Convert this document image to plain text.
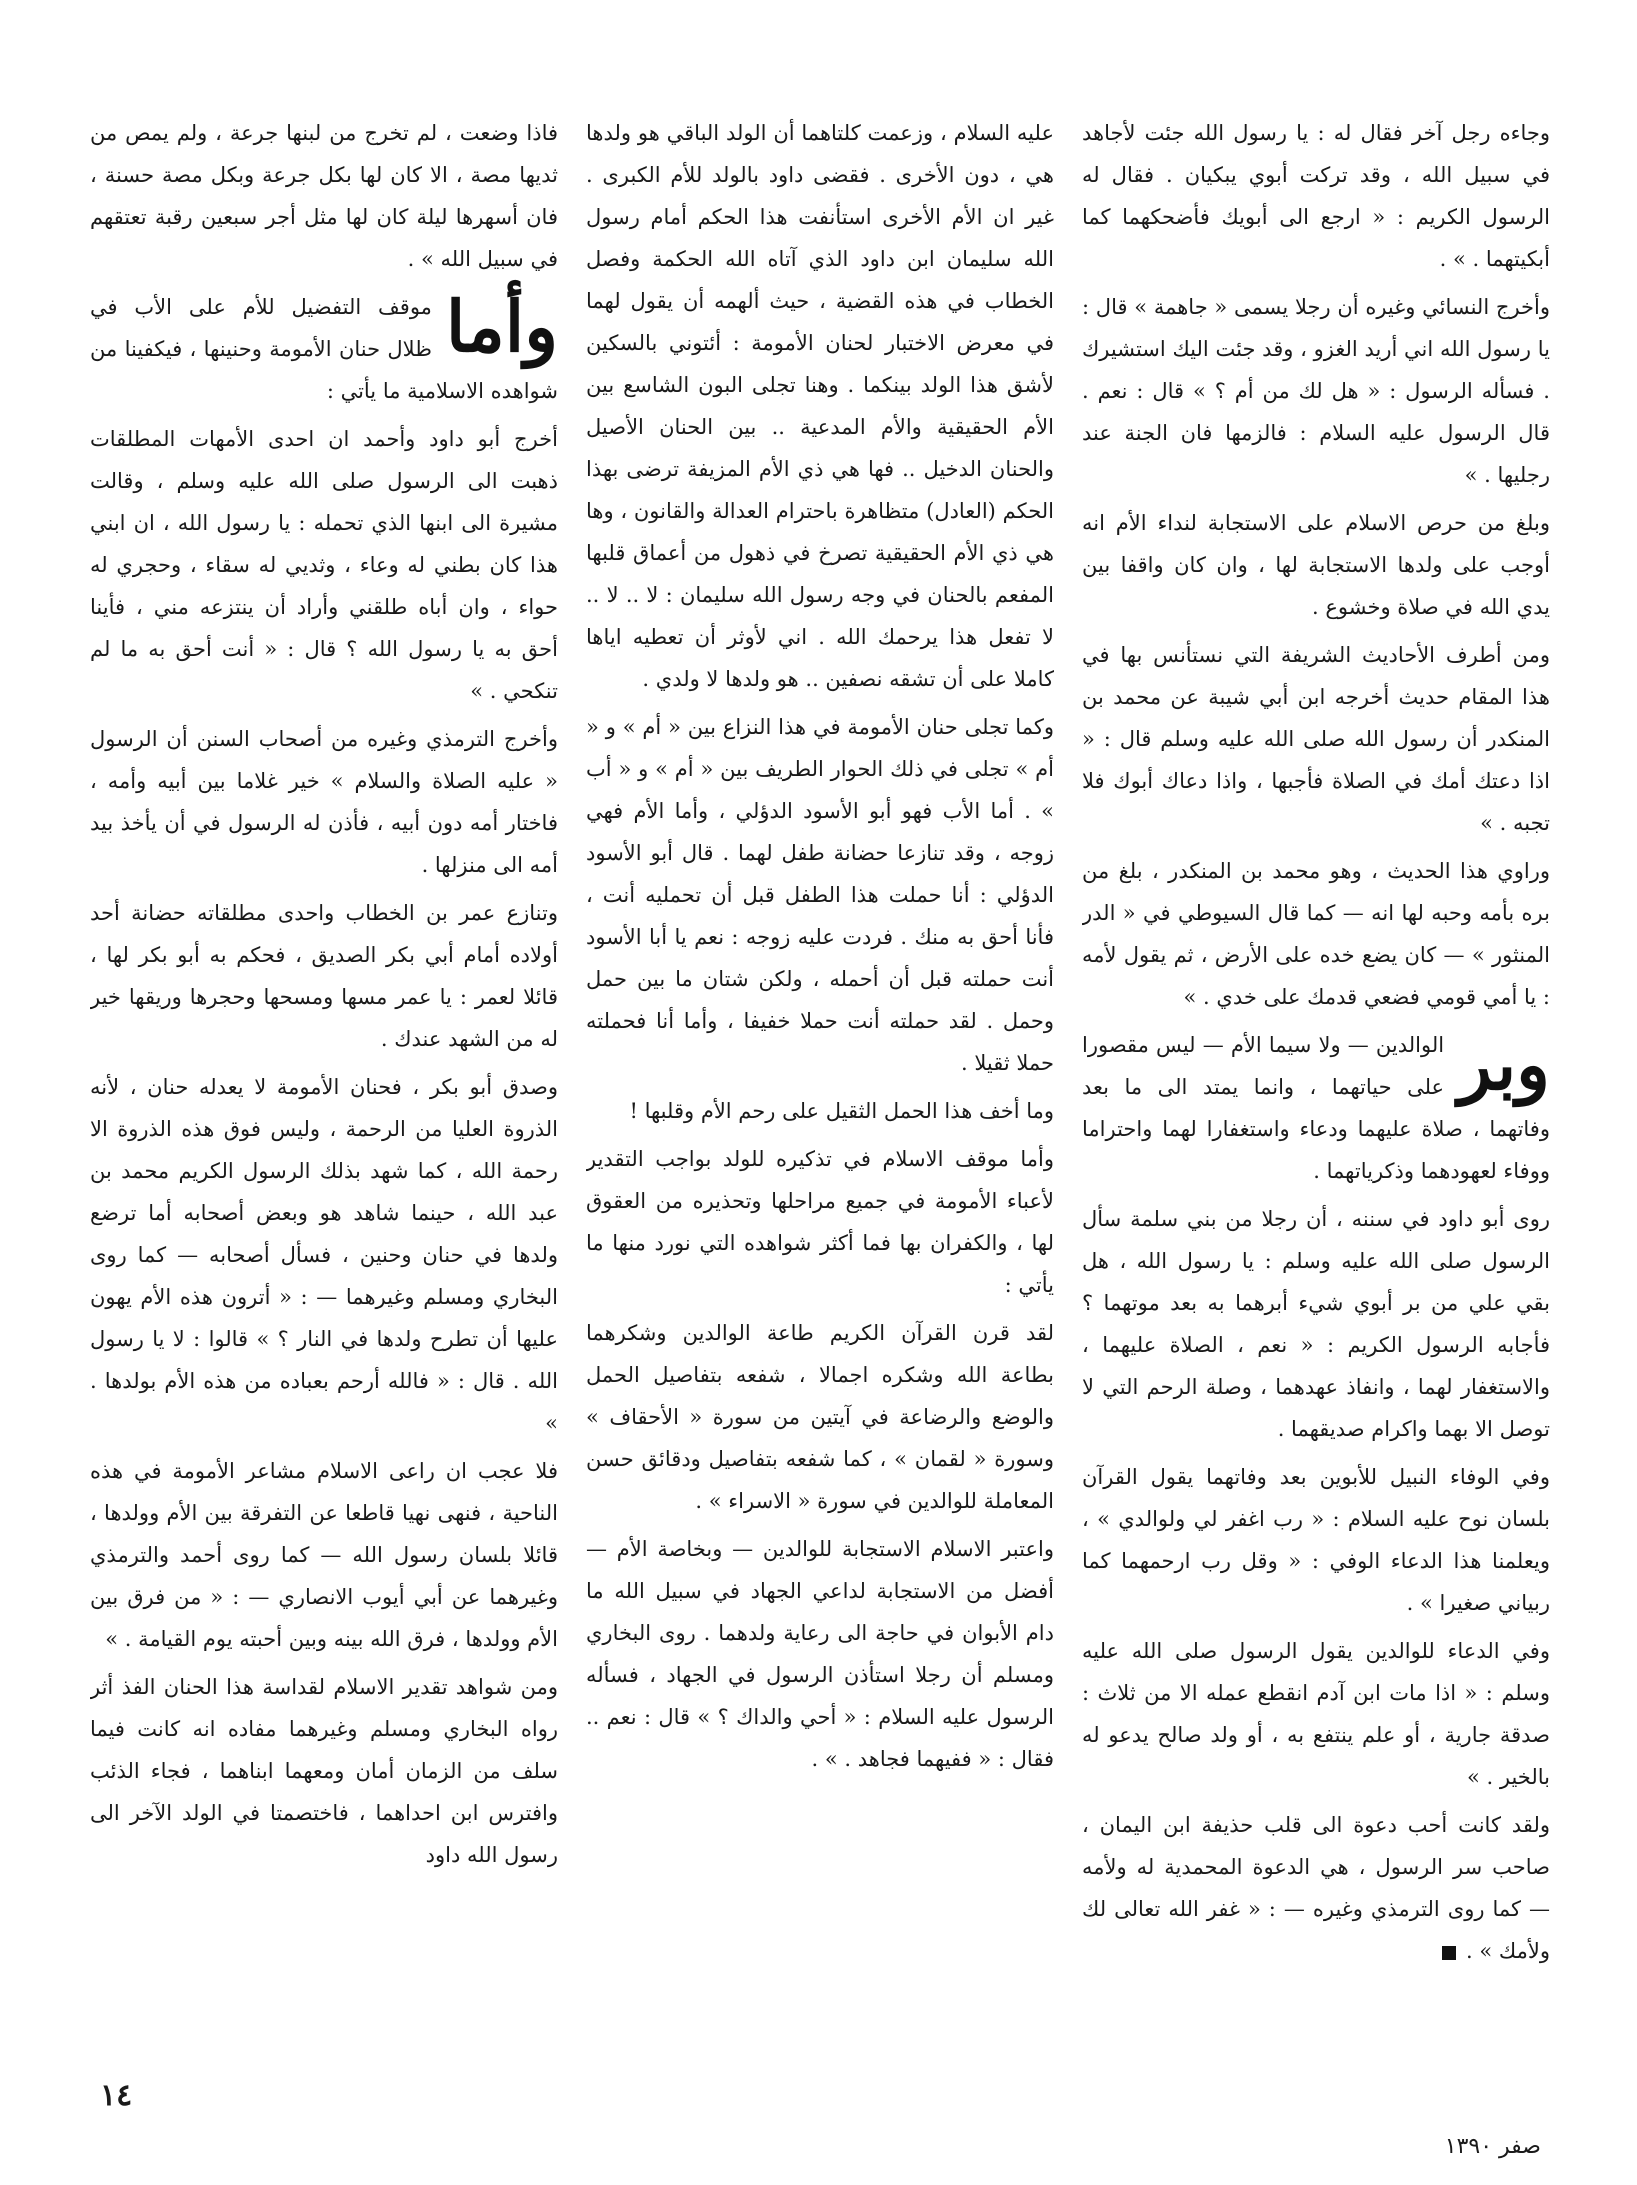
فاذا وضعت ، لم تخرج من لبنها جرعة ، ولم يمص من ثديها مصة ، الا كان لها بكل جرعة وبكل مصة حسنة ، فان أسهرها ليلة كان لها مثل أجر سبعين رقبة تعتقهم في سبيل الله » .

وأما
موقف التفضيل للأم على الأب في ظلال حنان الأمومة وحنينها ، فيكفينا من شواهده الاسلامية ما يأتي :

أخرج أبو داود وأحمد ان احدى الأمهات المطلقات ذهبت الى الرسول صلى الله عليه وسلم ، وقالت مشيرة الى ابنها الذي تحمله : يا رسول الله ، ان ابني هذا كان بطني له وعاء ، وثديي له سقاء ، وحجري له حواء ، وان أباه طلقني وأراد أن ينتزعه مني ، فأينا أحق به يا رسول الله ؟ قال : « أنت أحق به ما لم تنكحي . »

وأخرج الترمذي وغيره من أصحاب السنن أن الرسول « عليه الصلاة والسلام » خير غلاما بين أبيه وأمه ، فاختار أمه دون أبيه ، فأذن له الرسول في أن يأخذ بيد أمه الى منزلها .

وتنازع عمر بن الخطاب واحدى مطلقاته حضانة أحد أولاده أمام أبي بكر الصديق ، فحكم به أبو بكر لها ، قائلا لعمر : يا عمر مسها ومسحها وحجرها وريقها خير له من الشهد عندك .

وصدق أبو بكر ، فحنان الأمومة لا يعدله حنان ، لأنه الذروة العليا من الرحمة ، وليس فوق هذه الذروة الا رحمة الله ، كما شهد بذلك الرسول الكريم محمد بن عبد الله ، حينما شاهد هو وبعض أصحابه أما ترضع ولدها في حنان وحنين ، فسأل أصحابه — كما روى البخاري ومسلم وغيرهما — : « أترون هذه الأم يهون عليها أن تطرح ولدها في النار ؟ » قالوا : لا يا رسول الله . قال : « فالله أرحم بعباده من هذه الأم بولدها . »

فلا عجب ان راعى الاسلام مشاعر الأمومة في هذه الناحية ، فنهى نهيا قاطعا عن التفرقة بين الأم وولدها ، قائلا بلسان رسول الله — كما روى أحمد والترمذي وغيرهما عن أبي أيوب الانصاري — : « من فرق بين الأم وولدها ، فرق الله بينه وبين أحبته يوم القيامة . »

ومن شواهد تقدير الاسلام لقداسة هذا الحنان الفذ أثر رواه البخاري ومسلم وغيرهما مفاده انه كانت فيما سلف من الزمان أمان ومعهما ابناهما ، فجاء الذئب وافترس ابن احداهما ، فاختصمتا في الولد الآخر الى رسول الله داود

عليه السلام ، وزعمت كلتاهما أن الولد الباقي هو ولدها هي ، دون الأخرى . فقضى داود بالولد للأم الكبرى . غير ان الأم الأخرى استأنفت هذا الحكم أمام رسول الله سليمان ابن داود الذي آتاه الله الحكمة وفصل الخطاب في هذه القضية ، حيث ألهمه أن يقول لهما في معرض الاختبار لحنان الأمومة : أئتوني بالسكين لأشق هذا الولد بينكما . وهنا تجلى البون الشاسع بين الأم الحقيقية والأم المدعية .. بين الحنان الأصيل والحنان الدخيل .. فها هي ذي الأم المزيفة ترضى بهذا الحكم (العادل) متظاهرة باحترام العدالة والقانون ، وها هي ذي الأم الحقيقية تصرخ في ذهول من أعماق قلبها المفعم بالحنان في وجه رسول الله سليمان : لا .. لا .. لا تفعل هذا يرحمك الله . اني لأوثر أن تعطيه اياها كاملا على أن تشقه نصفين .. هو ولدها لا ولدي .

وكما تجلى حنان الأمومة في هذا النزاع بين « أم » و « أم » تجلى في ذلك الحوار الطريف بين « أم » و « أب » . أما الأب فهو أبو الأسود الدؤلي ، وأما الأم فهي زوجه ، وقد تنازعا حضانة طفل لهما . قال أبو الأسود الدؤلي : أنا حملت هذا الطفل قبل أن تحمليه أنت ، فأنا أحق به منك . فردت عليه زوجه : نعم يا أبا الأسود أنت حملته قبل أن أحمله ، ولكن شتان ما بين حمل وحمل . لقد حملته أنت حملا خفيفا ، وأما أنا فحملته حملا ثقيلا .

وما أخف هذا الحمل الثقيل على رحم الأم وقلبها !

وأما موقف الاسلام في تذكيره للولد بواجب التقدير لأعباء الأمومة في جميع مراحلها وتحذيره من العقوق لها ، والكفران بها فما أكثر شواهده التي نورد منها ما يأتي :

لقد قرن القرآن الكريم طاعة الوالدين وشكرهما بطاعة الله وشكره اجمالا ، شفعه بتفاصيل الحمل والوضع والرضاعة في آيتين من سورة « الأحقاف » وسورة « لقمان » ، كما شفعه بتفاصيل ودقائق حسن المعاملة للوالدين في سورة « الاسراء » .

واعتبر الاسلام الاستجابة للوالدين — وبخاصة الأم — أفضل من الاستجابة لداعي الجهاد في سبيل الله ما دام الأبوان في حاجة الى رعاية ولدهما . روى البخاري ومسلم أن رجلا استأذن الرسول في الجهاد ، فسأله الرسول عليه السلام : « أحي والداك ؟ » قال : نعم .. فقال : « ففيهما فجاهد . » .

وجاءه رجل آخر فقال له : يا رسول الله جئت لأجاهد في سبيل الله ، وقد تركت أبوي يبكيان . فقال له الرسول الكريم : « ارجع الى أبويك فأضحكهما كما أبكيتهما . » .

وأخرج النسائي وغيره أن رجلا يسمى « جاهمة » قال : يا رسول الله اني أريد الغزو ، وقد جئت اليك استشيرك . فسأله الرسول : « هل لك من أم ؟ » قال : نعم . قال الرسول عليه السلام : فالزمها فان الجنة عند رجليها . »

وبلغ من حرص الاسلام على الاستجابة لنداء الأم انه أوجب على ولدها الاستجابة لها ، وان كان واقفا بين يدي الله في صلاة وخشوع .

ومن أطرف الأحاديث الشريفة التي نستأنس بها في هذا المقام حديث أخرجه ابن أبي شيبة عن محمد بن المنكدر أن رسول الله صلى الله عليه وسلم قال : « اذا دعتك أمك في الصلاة فأجبها ، واذا دعاك أبوك فلا تجبه . »

وراوي هذا الحديث ، وهو محمد بن المنكدر ، بلغ من بره بأمه وحبه لها انه — كما قال السيوطي في « الدر المنثور » — كان يضع خده على الأرض ، ثم يقول لأمه : يا أمي قومي فضعي قدمك على خدي . »

وبر
الوالدين — ولا سيما الأم — ليس مقصورا على حياتهما ، وانما يمتد الى ما بعد وفاتهما ، صلاة عليهما ودعاء واستغفارا لهما واحتراما ووفاء لعهودهما وذكرياتهما .

روى أبو داود في سننه ، أن رجلا من بني سلمة سأل الرسول صلى الله عليه وسلم : يا رسول الله ، هل بقي علي من بر أبوي شيء أبرهما به بعد موتهما ؟ فأجابه الرسول الكريم : « نعم ، الصلاة عليهما ، والاستغفار لهما ، وانفاذ عهدهما ، وصلة الرحم التي لا توصل الا بهما واكرام صديقهما .

وفي الوفاء النبيل للأبوين بعد وفاتهما يقول القرآن بلسان نوح عليه السلام : « رب اغفر لي ولوالدي » ، ويعلمنا هذا الدعاء الوفي : « وقل رب ارحمهما كما ربياني صغيرا » .

وفي الدعاء للوالدين يقول الرسول صلى الله عليه وسلم : « اذا مات ابن آدم انقطع عمله الا من ثلاث : صدقة جارية ، أو علم ينتفع به ، أو ولد صالح يدعو له بالخير . »

ولقد كانت أحب دعوة الى قلب حذيفة ابن اليمان ، صاحب سر الرسول ، هي الدعوة المحمدية له ولأمه — كما روى الترمذي وغيره — : « غفر الله تعالى لك ولأمك » .

١٤
صفر ١٣٩٠
